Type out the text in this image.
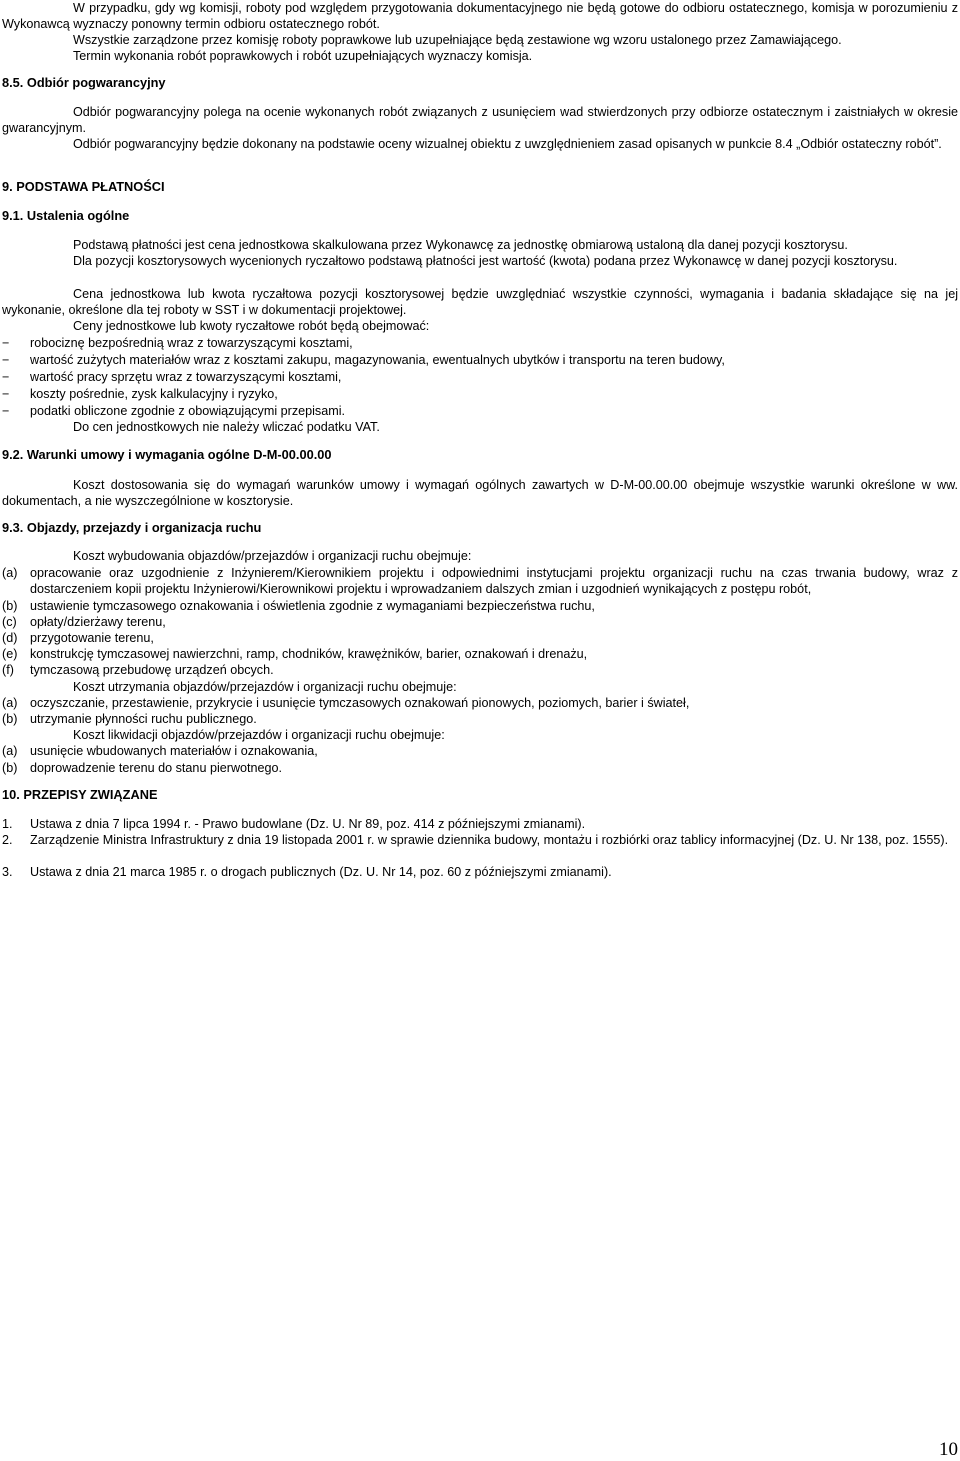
W przypadku, gdy wg komisji, roboty pod względem przygotowania dokumentacyjnego nie będą gotowe do odbioru ostatecznego, komisja w porozumieniu z Wykonawcą wyznaczy ponowny termin odbioru ostatecznego robót.

Wszystkie zarządzone przez komisję roboty poprawkowe lub uzupełniające będą zestawione wg wzoru ustalonego przez Zamawiającego.

Termin wykonania robót poprawkowych i robót uzupełniających wyznaczy komisja.

8.5. Odbiór pogwarancyjny

Odbiór pogwarancyjny polega na ocenie wykonanych robót związanych z usunięciem wad stwierdzonych przy odbiorze ostatecznym i zaistniałych w okresie gwarancyjnym.

Odbiór pogwarancyjny będzie dokonany na podstawie oceny wizualnej obiektu z uwzględnieniem zasad opisanych w punkcie 8.4 „Odbiór ostateczny robót”.

9. PODSTAWA PŁATNOŚCI
9.1. Ustalenia ogólne

Podstawą płatności jest cena jednostkowa skalkulowana przez Wykonawcę za jednostkę obmiarową ustaloną dla danej pozycji kosztorysu.

Dla pozycji kosztorysowych wycenionych ryczałtowo podstawą płatności jest wartość (kwota) podana przez Wykonawcę w danej pozycji kosztorysu.

Cena jednostkowa lub kwota ryczałtowa pozycji kosztorysowej będzie uwzględniać wszystkie czynności, wymagania i badania składające się na jej wykonanie, określone dla tej roboty w SST i w dokumentacji projektowej.

Ceny jednostkowe lub kwoty ryczałtowe robót będą obejmować:

−	robociznę bezpośrednią wraz z towarzyszącymi kosztami,
−	wartość zużytych materiałów wraz z kosztami zakupu, magazynowania, ewentualnych ubytków i transportu na teren budowy,
−	wartość pracy sprzętu wraz z towarzyszącymi kosztami,
−	koszty pośrednie, zysk kalkulacyjny i ryzyko,
−	podatki obliczone zgodnie z obowiązującymi przepisami.

Do cen jednostkowych nie należy wliczać podatku VAT.

9.2. Warunki umowy i wymagania ogólne D-M-00.00.00

Koszt dostosowania się do wymagań warunków umowy i wymagań ogólnych zawartych w D-M-00.00.00 obejmuje wszystkie warunki określone w ww. dokumentach, a nie wyszczególnione w kosztorysie.

9.3. Objazdy, przejazdy i organizacja ruchu

Koszt wybudowania objazdów/przejazdów i organizacji ruchu obejmuje:

(a) opracowanie oraz uzgodnienie z Inżynierem/Kierownikiem projektu i odpowiednimi instytucjami projektu organizacji ruchu na czas trwania budowy, wraz z dostarczeniem kopii projektu Inżynierowi/Kierownikowi projektu i wprowadzaniem dalszych zmian i uzgodnień wynikających z postępu robót,
(b) ustawienie tymczasowego oznakowania i oświetlenia zgodnie z wymaganiami bezpieczeństwa ruchu,
(c)	opłaty/dzierżawy terenu,
(d) przygotowanie terenu,
(e) konstrukcję tymczasowej nawierzchni, ramp, chodników, krawężników, barier, oznakowań i drenażu,
(f)	tymczasową przebudowę urządzeń obcych.

Koszt utrzymania objazdów/przejazdów i organizacji ruchu obejmuje:

(a) oczyszczanie, przestawienie, przykrycie i usunięcie tymczasowych oznakowań pionowych, poziomych, barier i świateł,
(b) utrzymanie płynności ruchu publicznego.

Koszt likwidacji objazdów/przejazdów i organizacji ruchu obejmuje:

(a) usunięcie wbudowanych materiałów i oznakowania,
(b) doprowadzenie terenu do stanu pierwotnego.
10. PRZEPISY ZWIĄZANE
1.	Ustawa z dnia 7 lipca 1994 r. - Prawo budowlane (Dz. U. Nr 89, poz. 414 z późniejszymi zmianami).
2.	Zarządzenie Ministra Infrastruktury z dnia 19 listopada 2001 r. w sprawie dziennika budowy, montażu i rozbiórki oraz tablicy informacyjnej (Dz. U. Nr 138, poz. 1555).
3.	Ustawa z dnia 21 marca 1985 r. o drogach publicznych (Dz. U. Nr 14, poz. 60 z późniejszymi zmianami).
10
